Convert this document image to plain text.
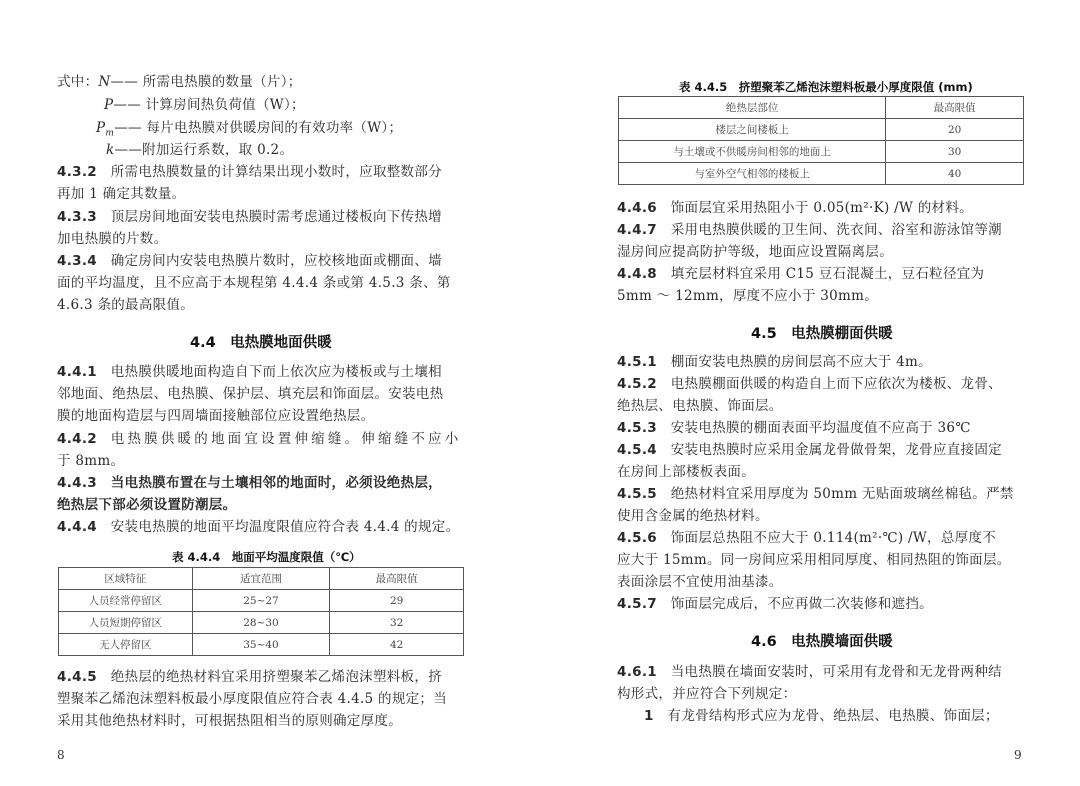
式中：N—— 所需电热膜的数量（片）；
P—— 计算房间热负荷值（W）；
$P_m——$ 每片电热膜对供暖房间的有效功率（W）；
k——附加运行系数，取 0.2。
4.3.2　 所需电热膜数量的计算结果出现小数时，应取整数部分
再加 1 确定其数量。
4.3.3　 顶层房间地面安装电热膜时需考虑通过楼板向下传热增
加电热膜的片数。
4.3.4　 确定房间内安装电热膜片数时，应校核地面或棚面、墙
面的平均温度，且不应高于本规程第 4.4.4 条或第 4.5.3 条、第
4.6.3 条的最高限值。
4.4　电热膜地面供暖
4.4.1　 电热膜供暖地面构造自下而上依次应为楼板或与土壤相
邻地面、绝热层、电热膜、保护层、填充层和饰面层。安装电热
膜的地面构造层与四周墙面接触部位应设置绝热层。
4.4.2　 电热膜供暖的地面宜设置伸缩缝。伸缩缝不应小
于 8mm。
4.4.3　 当电热膜布置在与土壤相邻的地面时，必须设绝热层，
绝热层下部必须设置防潮层。
4.4.4　 安装电热膜的地面平均温度限值应符合表 4.4.4 的规定。
表 4.4.4　地面平均温度限值（℃）
区域特征	适宜范围	最高限值
人员经常停留区	25~27	29
人员短期停留区	28~30	32
无人停留区	35~40	42
4.4.5　 绝热层的绝热材料宜采用挤塑聚苯乙烯泡沫塑料板，挤
塑聚苯乙烯泡沫塑料板最小厚度限值应符合表 4.4.5 的规定；当
采用其他绝热材料时，可根据热阻相当的原则确定厚度。
8
表 4.4.5　挤塑聚苯乙烯泡沫塑料板最小厚度限值 (mm)
绝热层部位	最高限值
楼层之间楼板上	20
与土壤或不供暖房间相邻的地面上	30
与室外空气相邻的楼板上	40
4.4.6　 饰面层宜采用热阻小于 0.05(m²·K) /W 的材料。
4.4.7　 采用电热膜供暖的卫生间、洗衣间、浴室和游泳馆等潮
湿房间应提高防护等级，地面应设置隔离层。
4.4.8　 填充层材料宜采用 C15 豆石混凝土，豆石粒径宜为
5mm ～ 12mm，厚度不应小于 30mm。
4.5　电热膜棚面供暖
4.5.1　 棚面安装电热膜的房间层高不应大于 4m。
4.5.2　 电热膜棚面供暖的构造自上而下应依次为楼板、龙骨、
绝热层、电热膜、饰面层。
4.5.3　 安装电热膜的棚面表面平均温度值不应高于 36℃
4.5.4　 安装电热膜时应采用金属龙骨做骨架，龙骨应直接固定
在房间上部楼板表面。
4.5.5　 绝热材料宜采用厚度为 50mm 无贴面玻璃丝棉毡。严禁
使用含金属的绝热材料。
4.5.6　 饰面层总热阻不应大于 0.114(m²·℃) /W，总厚度不
应大于 15mm。同一房间应采用相同厚度、相同热阻的饰面层。
表面涂层不宜使用油基漆。
4.5.7　 饰面层完成后，不应再做二次装修和遮挡。
4.6　电热膜墙面供暖
4.6.1　 当电热膜在墙面安装时，可采用有龙骨和无龙骨两种结
构形式，并应符合下列规定：
1　 有龙骨结构形式应为龙骨、绝热层、电热膜、饰面层；
9
